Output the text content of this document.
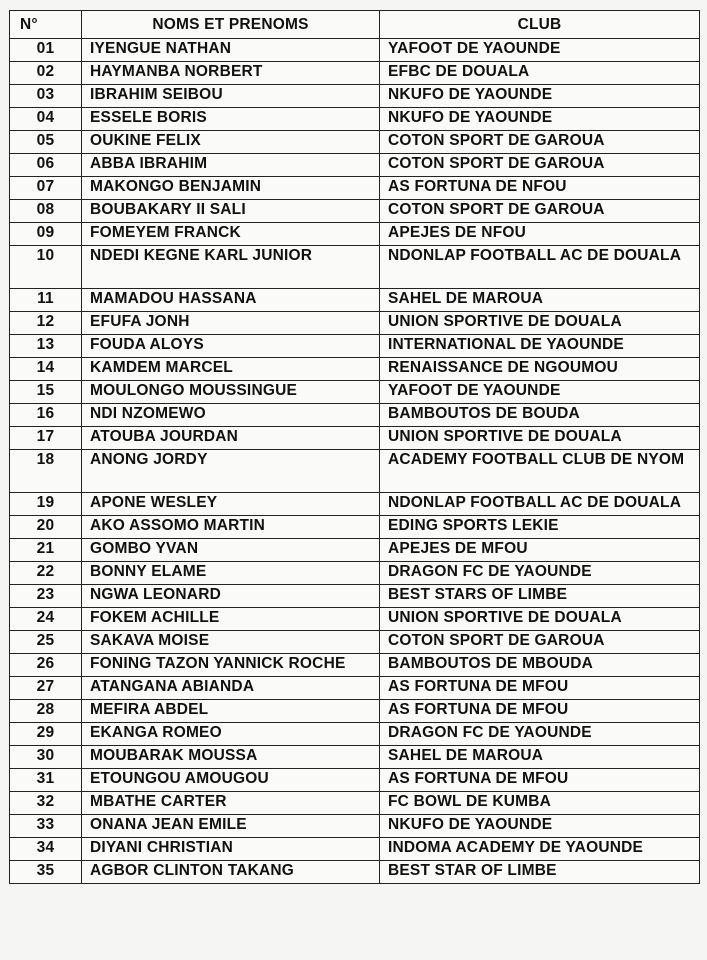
N°	NOMS ET PRENOMS	CLUB
01	IYENGUE NATHAN	YAFOOT DE YAOUNDE
02	HAYMANBA NORBERT	EFBC DE DOUALA
03	IBRAHIM SEIBOU	NKUFO DE YAOUNDE
04	ESSELE BORIS	NKUFO DE YAOUNDE
05	OUKINE FELIX	COTON SPORT DE GAROUA
06	ABBA IBRAHIM	COTON SPORT DE GAROUA
07	MAKONGO BENJAMIN	AS FORTUNA DE NFOU
08	BOUBAKARY II SALI	COTON SPORT DE GAROUA
09	FOMEYEM FRANCK	APEJES DE NFOU
10	NDEDI KEGNE KARL JUNIOR	NDONLAP FOOTBALL AC DE DOUALA
11	MAMADOU HASSANA	SAHEL DE MAROUA
12	EFUFA JONH	UNION SPORTIVE DE DOUALA
13	FOUDA ALOYS	INTERNATIONAL DE YAOUNDE
14	KAMDEM MARCEL	RENAISSANCE DE NGOUMOU
15	MOULONGO MOUSSINGUE	YAFOOT DE YAOUNDE
16	NDI NZOMEWO	BAMBOUTOS DE BOUDA
17	ATOUBA JOURDAN	UNION SPORTIVE DE DOUALA
18	ANONG JORDY	ACADEMY FOOTBALL CLUB DE NYOM
19	APONE WESLEY	NDONLAP FOOTBALL AC DE DOUALA
20	AKO ASSOMO MARTIN	EDING SPORTS LEKIE
21	GOMBO YVAN	APEJES DE MFOU
22	BONNY ELAME	DRAGON FC DE YAOUNDE
23	NGWA LEONARD	BEST STARS OF LIMBE
24	FOKEM ACHILLE	UNION SPORTIVE DE DOUALA
25	SAKAVA MOISE	COTON SPORT DE GAROUA
26	FONING TAZON YANNICK ROCHE	BAMBOUTOS DE MBOUDA
27	ATANGANA ABIANDA	AS FORTUNA DE MFOU
28	MEFIRA ABDEL	AS FORTUNA DE MFOU
29	EKANGA ROMEO	DRAGON FC DE YAOUNDE
30	MOUBARAK MOUSSA	SAHEL DE MAROUA
31	ETOUNGOU AMOUGOU	AS FORTUNA DE MFOU
32	MBATHE CARTER	FC BOWL DE KUMBA
33	ONANA JEAN EMILE	NKUFO DE YAOUNDE
34	DIYANI CHRISTIAN	INDOMA ACADEMY DE YAOUNDE
35	AGBOR CLINTON TAKANG	BEST STAR OF LIMBE
